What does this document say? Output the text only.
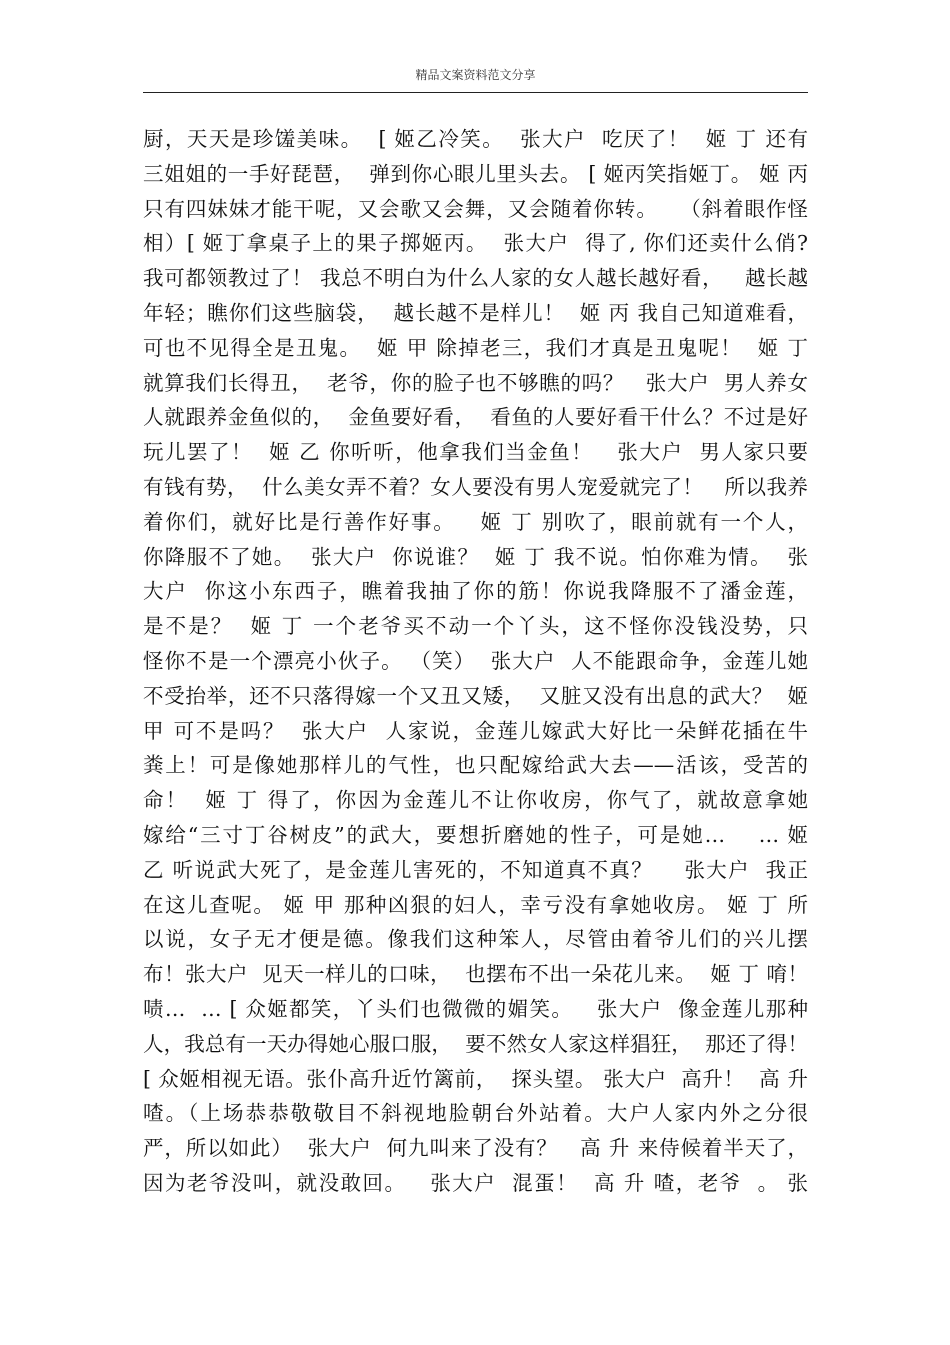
精品文案资料范文分享
厨，天天是珍馐美味。  [ 姬乙冷笑。  张大户  吃厌了！  姬 丁 还有
三姐姐的一手好琵琶，  弹到你心眼儿里头去。 [ 姬丙笑指姬丁。 姬 丙
只有四妹妹才能干呢，又会歌又会舞，又会随着你转。   （斜着眼作怪
相）[ 姬丁拿桌子上的果子掷姬丙。  张大户  得了, 你们还卖什么俏?
我可都领教过了！ 我总不明白为什么人家的女人越长越好看，   越长越
年轻；瞧你们这些脑袋，  越长越不是样儿！  姬 丙 我自己知道难看，
可也不见得全是丑鬼。  姬 甲 除掉老三，我们才真是丑鬼呢！  姬 丁
就算我们长得丑，  老爷，你的脸子也不够瞧的吗？   张大户  男人养女
人就跟养金鱼似的，  金鱼要好看，  看鱼的人要好看干什么？不过是好
玩儿罢了！  姬 乙 你听听，他拿我们当金鱼！   张大户  男人家只要
有钱有势，  什么美女弄不着？女人要没有男人宠爱就完了！   所以我养
着你们，就好比是行善作好事。   姬 丁 别吹了，眼前就有一个人，
你降服不了她。  张大户  你说谁？  姬 丁 我不说。怕你难为情。  张
大户  你这小东西子，瞧着我抽了你的筋！你说我降服不了潘金莲，
是不是？  姬 丁 一个老爷买不动一个丫头，这不怪你没钱没势，只
怪你不是一个漂亮小伙子。 （笑）  张大户  人不能跟命争，金莲儿她
不受抬举，还不只落得嫁一个又丑又矮，  又脏又没有出息的武大？  姬
甲 可不是吗？  张大户  人家说，金莲儿嫁武大好比一朵鲜花插在牛
粪上！可是像她那样儿的气性，也只配嫁给武大去——活该，受苦的
命！  姬 丁 得了，你因为金莲儿不让你收房，你气了，就故意拿她
嫁给“三寸丁谷树皮”的武大，要想折磨她的性子，可是她…    … 姬
乙 听说武大死了，是金莲儿害死的，不知道真不真？    张大户  我正
在这儿查呢。 姬 甲 那种凶狠的妇人，幸亏没有拿她收房。 姬 丁 所
以说，女子无才便是德。像我们这种笨人，尽管由着爷儿们的兴儿摆
布！张大户  见天一样儿的口味，  也摆布不出一朵花儿来。  姬 丁 唷！
啧…  … [ 众姬都笑，丫头们也微微的媚笑。   张大户  像金莲儿那种
人，我总有一天办得她心服口服，  要不然女人家这样猖狂，  那还了得！
[ 众姬相视无语。张仆高升近竹篱前，  探头望。 张大户  高升！  高 升
喳。（上场恭恭敬敬目不斜视地脸朝台外站着。大户人家内外之分很
严，所以如此）  张大户  何九叫来了没有？   高 升 来侍候着半天了，
因为老爷没叫，就没敢回。   张大户  混蛋！  高 升 喳，老爷  。 张
